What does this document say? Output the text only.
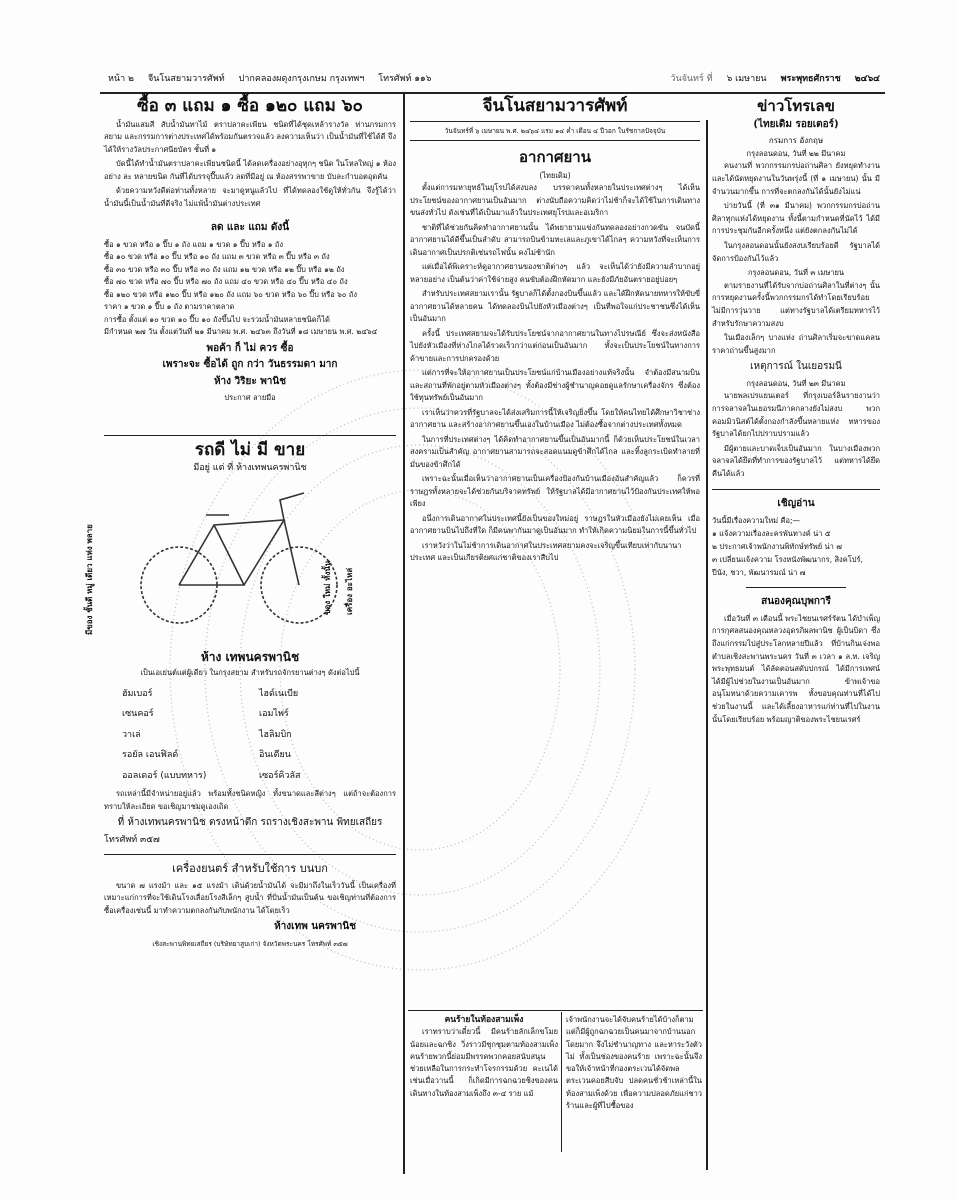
หน้า ๒ จีนโนสยามวารศัพท์ ปากคลองผดุงกรุงเกษม กรุงเทพฯ โทรศัพท์ ๑๑๖	วันจันทร์ ที่ ๖ เมษายน พระพุทธศักราช ๒๔๖๔
ซื้อ ๓ แถม ๑ ซื้อ ๑๒๐ แถม ๖๐

น้ำมันแสมสี สับน้ำมันทาไม้ ตราปลาคะเพียน ชนิดที่ได้ชุดเหล้ารางวัล ท่านกรมการสยาม และกรรมการต่างประเทศได้พร้อมกันตรวจแล้ว ลงความเห็นว่า เป็นน้ำมันที่ใช้ได้ดี จึงได้ให้รางวัลประกาศนียบัตร ชั้นที่ ๑

บัดนี้ได้ทำน้ำมันตราปลาคะเพียนชนิดนี้ ได้ลดเครื่องอย่างอุทุกๆ ชนิด ในโหลใหญ่ ๑ ห้อง อย่าง ละ หลายขนิด กันที่ได้บรรจุปี๊บแล้ว ลดที่มีอยู่ ณ ห้องสรรพาขาย บับละกำบอตอุดคัน

ด้วยความหวังดีต่อท่านทั้งหลาย จะมาดูหนูแล้วไป ที่ได้ทดลองใช้ดูให้ทั่วกัน จึงรู้ได้ว่า น้ำมันนี้เป็นน้ำมันที่ดีจริง ไม่แพ้น้ำมันต่างประเทศ

ลด และ แถม ดังนี้
ซื้อ ๑ ขวด หรือ ๑ ปี๊บ ๑ ถัง แถม ๑ ขวด ๑ ปี๊บ หรือ ๑ ถัง
ซื้อ ๑๐ ขวด หรือ ๑๐ ปี๊บ หรือ ๑๐ ถัง แถม ๓ ขวด หรือ ๓ ปี๊บ หรือ ๓ ถัง
ซื้อ ๓๐ ขวด หรือ ๓๐ ปี๊บ หรือ ๓๐ ถัง แถม ๑๒ ขวด หรือ ๑๒ ปี๊บ หรือ ๑๒ ถัง
ซื้อ ๗๐ ขวด หรือ ๗๐ ปี๊บ หรือ ๗๐ ถัง แถม ๔๐ ขวด หรือ ๔๐ ปี๊บ หรือ ๔๐ ถัง
ซื้อ ๑๒๐ ขวด หรือ ๑๒๐ ปี๊บ หรือ ๑๒๐ ถัง แถม ๖๐ ขวด หรือ ๖๐ ปี๊บ หรือ ๖๐ ถัง
ราคา ๑ ขวด ๑ ปี๊บ ๑ ถัง ตามราคาตลาด
การซื้อ ตั้งแต่ ๑๐ ขวด ๑๐ ปี๊บ ๑๐ ถังขึ้นไป จะรวมน้ำมันหลายชนิดก็ได้
มีกำหนด ๒๗ วัน ตั้งแต่วันที่ ๒๑ มีนาคม พ.ศ. ๒๔๖๓ ถึงวันที่ ๑๘ เมษายน พ.ศ. ๒๔๖๔
พอค้า ก็ ไม่ ควร ซื้อ
เพราะจะ ซื้อได้ ถูก กว่า วันธรรมดา มาก
ห้าง วิริยะ พานิช
ประกาศ ลายมือ
รถดี ไม่ มี ขาย
มีอยู่ แต่ ที่ ห้างเทพนครพานิช
มีของ ชั้นดี หมู่ เดียว แห่ง พลาย	ของ ใหม่ ทั้งนั้น	เครื่อง อะไหล่
ห้าง เทพนครพานิช
เป็นเอเย่นต์แต่ผู้เดียว ในกรุงสยาม สำหรับรถจักรยานต่างๆ ดังต่อไปนี้
ฮัมเบอร์	ไฮด์เนเบีย
เซนคอร์	เอมไพร์
วาเล่	ไฮลิมบิก
รอยัล เอนฟิลด์	อินเดียน
ออลเดอร์ (แบบทหาร)	เซอร์คิวลัส

รถเหล่านี้มีจำหน่ายอยู่แล้ว พร้อมทั้งชนิดหญิง ทั้งขนาดและสีต่างๆ แต่ถ้าจะต้องการทราบให้ละเอียด ขอเชิญมาชมดูเองเถิด

ที่ ห้างเทพนครพานิช ตรงหน้าตึก รถรางเชิงสะพาน พิทยเสถียร
โทรศัพท์ ๓๕๗
เครื่องยนตร์ สำหรับใช้การ บนบก

ขนาด ๗ แรงม้า และ ๑๕ แรงม้า เดินด้วยน้ำมันได้ จะมีมาถึงในเร็ววันนี้ เป็นเครื่องที่เหมาะแก่การที่จะใช้เดินโรงเลื่อยโรงสีเล็กๆ สูบน้ำ ที่ปั่นน้ำมันเป็นต้น ขอเชิญท่านที่ต้องการซื้อเครื่องเช่นนี้ มาทำความตกลงกันกับพนักงาน ได้โดยเร็ว

ห้างเทพ นครพานิช
เชิงสะพานพิทยเสถียร (บริษัทยาสูบเก่า) จังหวัดพระนคร โทรศัพท์ ๓๕๗
จีนโนสยามวารศัพท์
วันจันทร์ที่ ๖ เมษายน พ.ศ. ๒๔๖๔ แรม ๑๔ ค่ำ เดือน ๔ ปีวอก ในรัชกาลปัจจุบัน
อากาศยาน
(ไทยเดิม)

ตั้งแต่การมหายุทธ์ในยุโรปได้สงบลง บรรดาคนทั้งหลายในประเทศต่างๆ ได้เห็นประโยชน์ของอากาศยานเป็นอันมาก ต่างนับถือความคิดว่าไม่ช้าก็จะได้ใช้ในการเดินทางขนส่งทั่วไป ดังเช่นที่ได้เป็นมาแล้วในประเทศยุโรปและอเมริกา

ชาติที่ได้ช่วยกันคิดทำอากาศยานนั้น ได้พยายามแข่งกันทดลองอย่างกวดขัน จนบัดนี้อากาศยานได้ดีขึ้นเป็นลำดับ สามารถบินข้ามทะเลและภูเขาได้ไกลๆ ความหวังที่จะเห็นการเดินอากาศเป็นปรกติเช่นรถไฟนั้น คงไม่ช้านัก

แต่เมื่อได้พิเคราะห์ดูอากาศยานของชาติต่างๆ แล้ว จะเห็นได้ว่ายังมีความลำบากอยู่หลายอย่าง เป็นต้นว่าค่าใช้จ่ายสูง คนขับต้องฝึกหัดมาก และยังมีภัยอันตรายอยู่บ่อยๆ

สำหรับประเทศสยามเรานั้น รัฐบาลก็ได้ตั้งกองบินขึ้นแล้ว และได้ฝึกหัดนายทหารให้ขับขี่อากาศยานได้หลายคน ได้ทดลองบินไปยังหัวเมืองต่างๆ เป็นที่พอใจแก่ประชาชนซึ่งได้เห็นเป็นอันมาก

ครั้งนี้ ประเทศสยามจะได้รับประโยชน์จากอากาศยานในทางไปรษณีย์ ซึ่งจะส่งหนังสือไปยังหัวเมืองที่ห่างไกลได้รวดเร็วกว่าแต่ก่อนเป็นอันมาก ทั้งจะเป็นประโยชน์ในทางการค้าขายและการปกครองด้วย

แต่การที่จะให้อากาศยานเป็นประโยชน์แก่บ้านเมืองอย่างแท้จริงนั้น จำต้องมีสนามบินและสถานที่พักอยู่ตามหัวเมืองต่างๆ ทั้งต้องมีช่างผู้ชำนาญคอยดูแลรักษาเครื่องจักร ซึ่งต้องใช้ทุนทรัพย์เป็นอันมาก

เราเห็นว่าควรที่รัฐบาลจะได้ส่งเสริมการนี้ให้เจริญยิ่งขึ้น โดยให้คนไทยได้ศึกษาวิชาช่างอากาศยาน และสร้างอากาศยานขึ้นเองในบ้านเมือง ไม่ต้องซื้อจากต่างประเทศทั้งหมด

ในการที่ประเทศต่างๆ ได้คิดทำอากาศยานขึ้นเป็นอันมากนี้ ก็ด้วยเห็นประโยชน์ในเวลาสงครามเป็นสำคัญ อากาศยานสามารถจะสอดแนมดูข้าศึกได้ไกล และทิ้งลูกระเบิดทำลายที่มั่นของข้าศึกได้

เพราะฉะนั้นเมื่อเห็นว่าอากาศยานเป็นเครื่องป้องกันบ้านเมืองอันสำคัญแล้ว ก็ควรที่ราษฎรทั้งหลายจะได้ช่วยกันบริจาคทรัพย์ ให้รัฐบาลได้มีอากาศยานไว้ป้องกันประเทศให้พอเพียง

อนึ่งการเดินอากาศในประเทศนี้ยังเป็นของใหม่อยู่ ราษฎรในหัวเมืองยังไม่เคยเห็น เมื่ออากาศยานบินไปถึงที่ใด ก็มีคนพากันมาดูเป็นอันมาก ทำให้เกิดความนิยมในการนี้ขึ้นทั่วไป

เราหวังว่าในไม่ช้าการเดินอากาศในประเทศสยามคงจะเจริญขึ้นเทียบเท่ากับนานาประเทศ และเป็นเกียรติยศแก่ชาติของเราสืบไป

คนร้ายในท้องสามเพ็ง

เราทราบว่าเดี๋ยวนี้ มีคนร้ายลักเล็กขโมยน้อยและฉกชิง วิ่งราวมีชุกชุมตามท้องสามเพ็ง คนร้ายพวกนี้ย่อมมีพรรคพวกคอยสนับสนุนช่วยเหลือในการกระทำโจรกรรมด้วย คะเนได้เช่นเมื่อวานนี้ ก็เกิดมีการฉกฉวยชิงของคนเดินทางในท้องสามเพ็งถึง ๓-๔ ราย แม้

เจ้าพนักงานจะได้จับคนร้ายได้บ้างก็ตาม แต่ก็มีผู้ถูกฉกฉวยเป็นคนมาจากบ้านนอกโดยมาก จึงไม่ชำนาญทาง และหาระวังตัวไม่ ทั้งเป็นช่องของคนร้าย เพราะฉะนั้นจึงขอให้เจ้าหน้าที่กองตระเวนได้จัดพลตระเวนคอยสืบจับ ปลดคนชั่วช้าเหล่านี้ในท้องสามเพ็งด้วย เพื่อความปลอดภัยแก่ชาวร้านและผู้ที่ไปซื้อของ

ข่าวโทรเลข
(ไทยเดิม รอยเตอร์)
กรมการ อังกฤษ
กรุงลอนดอน, วันที่ ๒๒ มีนาคม

คนงานที่ พวกกรรมกรบ่อถ่านศิลา ยังหยุดทำงานและได้นัดหยุดงานในวันพรุ่งนี้ (ที่ ๑ เมษายน) นั้น มีจำนวนมากขึ้น การที่จะตกลงกันได้นั้นยังไม่แน่

บ่ายวันนี้ (ที่ ๓๑ มีนาคม) พวกกรรมกรบ่อถ่านศิลาทุกแห่งได้หยุดงาน ทั้งนี้ตามกำหนดที่นัดไว้ ได้มีการประชุมกันอีกครั้งหนึ่ง แต่ยังตกลงกันไม่ได้

ในกรุงลอนดอนนั้นยังสงบเรียบร้อยดี รัฐบาลได้จัดการป้องกันไว้แล้ว

กรุงลอนดอน, วันที่ ๓ เมษายน

ตามรายงานที่ได้รับจากบ่อถ่านศิลาในที่ต่างๆ นั้น การหยุดงานครั้งนี้พวกกรรมกรได้ทำโดยเรียบร้อย ไม่มีการวุ่นวาย แต่ทางรัฐบาลได้เตรียมทหารไว้สำหรับรักษาความสงบ

ในเมืองเล็กๆ บางแห่ง ถ่านศิลาเริ่มจะขาดแคลน ราคาถ่านขึ้นสูงมาก

เหตุการณ์ ในเยอรมนี
กรุงลอนดอน, วันที่ ๒๓ มีนาคม

นายพลเปรแยนเตอร์ ที่กรุงเบอร์ลินรายงานว่า การจลาจลในเยอรมนีภาคกลางยังไม่สงบ พวกคอมมิวนิสต์ได้ตั้งกองกำลังขึ้นหลายแห่ง ทหารของรัฐบาลได้ยกไปปราบปรามแล้ว

มีผู้ตายและบาดเจ็บเป็นอันมาก ในบางเมืองพวกจลาจลได้ยึดที่ทำการของรัฐบาลไว้ แต่ทหารได้ยึดคืนได้แล้ว

เชิญอ่าน
วันนี้มีเรื่องความใหม่ คือ;—
๑ แจ้งความเรื่องละครพันทางค์ น่า ๕
๒ ประกาศเจ้าพนักงานพิทักษ์ทรัพย์ น่า ๗
๓ เปลี่ยนแจ้งความ โรงหนังพัฒนากร, สิงคโปร์, ปีนัง, ชวา, พัฒนารมณ์ น่า ๗
สนองคุณบุพการี

เมื่อวันที่ ๓ เดือนนี้ พระไชยนเรศร์รัตน ได้บำเพ็ญการกุศลสนองคุณหลวงอุดรภิผลพานิช ผู้เป็นบิดา ซึ่งถึงแก่กรรมไปสู่ประโลกหลายปีแล้ว ที่บ้านกินเจ่งพอ ตำบลเชิงสะพานพระนคร วันที่ ๓ เวลา ๑ ล.ท. เจริญพระพุทธมนต์ ได้ลัดตอนสดับปกรณ์ ได้มีการเทศน์ ได้มีผู้ไปช่วยในงานเป็นอันมาก ข้าพเจ้าขออนุโมทนาด้วยความเคารพ ทั้งขอบคุณท่านที่ได้ไปช่วยในงานนี้ และได้เลี้ยงอาหารแก่ท่านที่ไปในงานนั้นโดยเรียบร้อย พร้อมญาติของพระไชยนเรศร์
